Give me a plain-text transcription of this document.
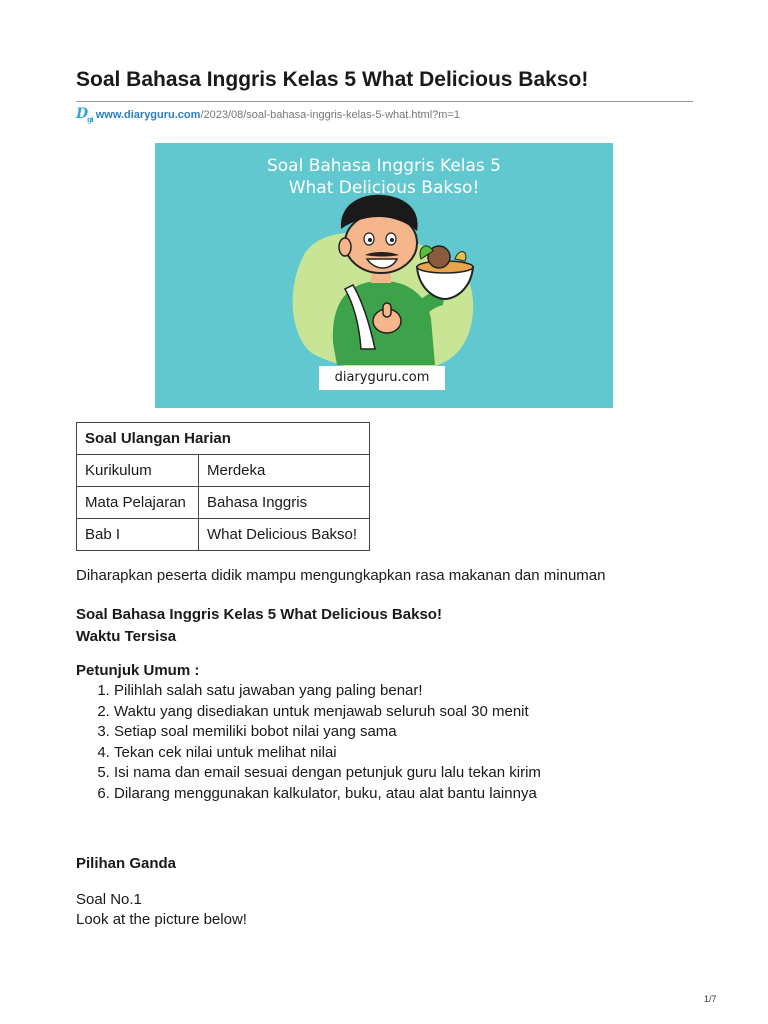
Soal Bahasa Inggris Kelas 5 What Delicious Bakso!
$D_{gi}$ www.diaryguru.com /2023/08/soal-bahasa-inggris-kelas-5-what.html?m=1
Soal Bahasa Inggris Kelas 5
What Delicious Bakso!
diaryguru.com
Soal Ulangan Harian	
Kurikulum	Merdeka
Mata Pelajaran	Bahasa Inggris
Bab I	What Delicious Bakso!

Diharapkan peserta didik mampu mengungkapkan rasa makanan dan minuman

Soal Bahasa Inggris Kelas 5 What Delicious Bakso!

Waktu Tersisa

Petunjuk Umum :

1. Pilihlah salah satu jawaban yang paling benar!
2. Waktu yang disediakan untuk menjawab seluruh soal 30 menit
3. Setiap soal memiliki bobot nilai yang sama
4. Tekan cek nilai untuk melihat nilai
5. Isi nama dan email sesuai dengan petunjuk guru lalu tekan kirim
6. Dilarang menggunakan kalkulator, buku, atau alat bantu lainnya

Pilihan Ganda

Soal No.1

Look at the picture below!

1/7
